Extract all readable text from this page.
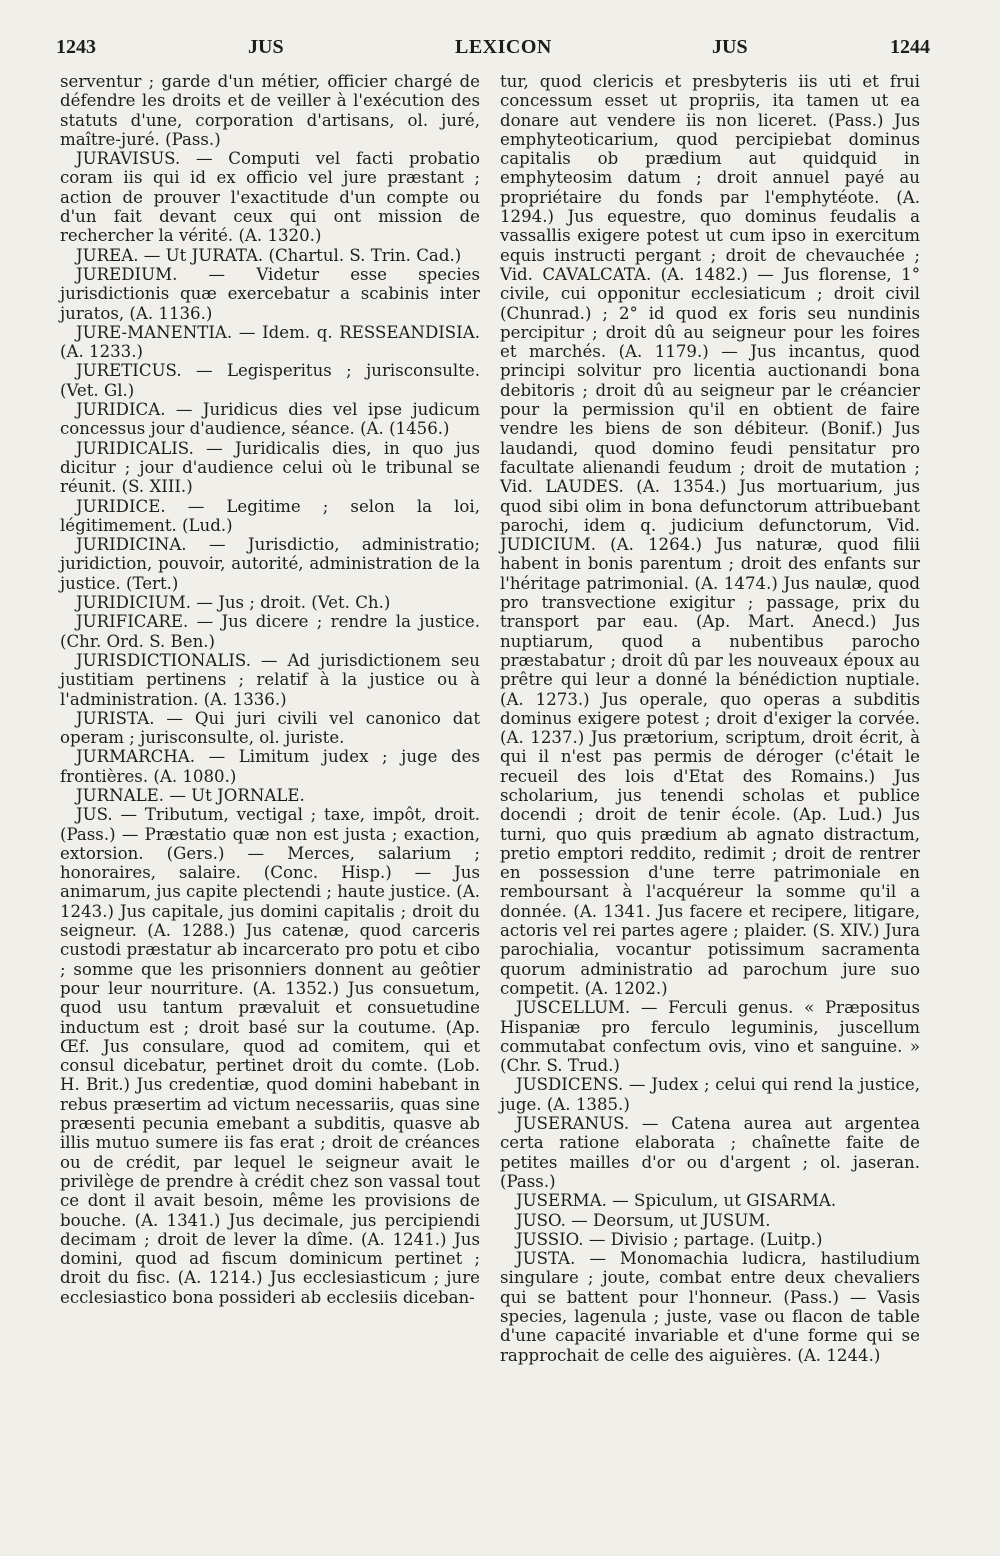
1243	JUS	LEXICON	JUS	1244

serventur ; garde d'un métier, officier chargé de défendre les droits et de veiller à l'exécution des statuts d'une, corporation d'artisans, ol. juré, maître-juré. (Pass.)

JURAVISUS. — Computi vel facti probatio coram iis qui id ex officio vel jure præstant ; action de prouver l'exactitude d'un compte ou d'un fait devant ceux qui ont mission de rechercher la vérité. (A. 1320.)

JUREA. — Ut JURATA. (Chartul. S. Trin. Cad.)

JUREDIUM. — Videtur esse species jurisdictionis quæ exercebatur a scabinis inter juratos, (A. 1136.)

JURE-MANENTIA. — Idem. q. RESSEANDISIA. (A. 1233.)

JURETICUS. — Legisperitus ; jurisconsulte. (Vet. Gl.)

JURIDICA. — Juridicus dies vel ipse judicum concessus jour d'audience, séance. (A. (1456.)

JURIDICALIS. — Juridicalis dies, in quo jus dicitur ; jour d'audience celui où le tribunal se réunit. (S. XIII.)

JURIDICE. — Legitime ; selon la loi, légitimement. (Lud.)

JURIDICINA. — Jurisdictio, administratio; juridiction, pouvoir, autorité, administration de la justice. (Tert.)

JURIDICIUM. — Jus ; droit. (Vet. Ch.)

JURIFICARE. — Jus dicere ; rendre la justice. (Chr. Ord. S. Ben.)

JURISDICTIONALIS. — Ad jurisdictionem seu justitiam pertinens ; relatif à la justice ou à l'administration. (A. 1336.)

JURISTA. — Qui juri civili vel canonico dat operam ; jurisconsulte, ol. juriste.

JURMARCHA. — Limitum judex ; juge des frontières. (A. 1080.)

JURNALE. — Ut JORNALE.

JUS. — Tributum, vectigal ; taxe, impôt, droit. (Pass.) — Præstatio quæ non est justa ; exaction, extorsion. (Gers.) — Merces, salarium ; honoraires, salaire. (Conc. Hisp.) — Jus animarum, jus capite plectendi ; haute justice. (A. 1243.) Jus capitale, jus domini capitalis ; droit du seigneur. (A. 1288.) Jus catenæ, quod carceris custodi præstatur ab incarcerato pro potu et cibo ; somme que les prisonniers donnent au geôtier pour leur nourriture. (A. 1352.) Jus consuetum, quod usu tantum prævaluit et consuetudine inductum est ; droit basé sur la coutume. (Ap. Œf. Jus consulare, quod ad comitem, qui et consul dicebatur, pertinet droit du comte. (Lob. H. Brit.) Jus credentiæ, quod domini habebant in rebus præsertim ad victum necessariis, quas sine præsenti pecunia emebant a subditis, quasve ab illis mutuo sumere iis fas erat ; droit de créances ou de crédit, par lequel le seigneur avait le privilège de prendre à crédit chez son vassal tout ce dont il avait besoin, même les provisions de bouche. (A. 1341.) Jus decimale, jus percipiendi decimam ; droit de lever la dîme. (A. 1241.) Jus domini, quod ad fiscum dominicum pertinet ; droit du fisc. (A. 1214.) Jus ecclesiasticum ; jure ecclesiastico bona possideri ab ecclesiis diceban-

tur, quod clericis et presbyteris iis uti et frui concessum esset ut propriis, ita tamen ut ea donare aut vendere iis non liceret. (Pass.) Jus emphyteoticarium, quod percipiebat dominus capitalis ob prædium aut quidquid in emphyteosim datum ; droit annuel payé au propriétaire du fonds par l'emphytéote. (A. 1294.) Jus equestre, quo dominus feudalis a vassallis exigere potest ut cum ipso in exercitum equis instructi pergant ; droit de chevauchée ; Vid. CAVALCATA. (A. 1482.) — Jus florense, 1° civile, cui opponitur ecclesiaticum ; droit civil (Chunrad.) ; 2° id quod ex foris seu nundinis percipitur ; droit dû au seigneur pour les foires et marchés. (A. 1179.) — Jus incantus, quod principi solvitur pro licentia auctionandi bona debitoris ; droit dû au seigneur par le créancier pour la permission qu'il en obtient de faire vendre les biens de son débiteur. (Bonif.) Jus laudandi, quod domino feudi pensitatur pro facultate alienandi feudum ; droit de mutation ; Vid. LAUDES. (A. 1354.) Jus mortuarium, jus quod sibi olim in bona defunctorum attribuebant parochi, idem q. judicium defunctorum, Vid. JUDICIUM. (A. 1264.) Jus naturæ, quod filii habent in bonis parentum ; droit des enfants sur l'héritage patrimonial. (A. 1474.) Jus naulæ, quod pro transvectione exigitur ; passage, prix du transport par eau. (Ap. Mart. Anecd.) Jus nuptiarum, quod a nubentibus parocho præstabatur ; droit dû par les nouveaux époux au prêtre qui leur a donné la bénédiction nuptiale. (A. 1273.) Jus operale, quo operas a subditis dominus exigere potest ; droit d'exiger la corvée. (A. 1237.) Jus prætorium, scriptum, droit écrit, à qui il n'est pas permis de déroger (c'était le recueil des lois d'Etat des Romains.) Jus scholarium, jus tenendi scholas et publice docendi ; droit de tenir école. (Ap. Lud.) Jus turni, quo quis prædium ab agnato distractum, pretio emptori reddito, redimit ; droit de rentrer en possession d'une terre patrimoniale en remboursant à l'acquéreur la somme qu'il a donnée. (A. 1341. Jus facere et recipere, litigare, actoris vel rei partes agere ; plaider. (S. XIV.) Jura parochialia, vocantur potissimum sacramenta quorum administratio ad parochum jure suo competit. (A. 1202.)

JUSCELLUM. — Ferculi genus. « Præpositus Hispaniæ pro ferculo leguminis, juscellum commutabat confectum ovis, vino et sanguine. » (Chr. S. Trud.)

JUSDICENS. — Judex ; celui qui rend la justice, juge. (A. 1385.)

JUSERANUS. — Catena aurea aut argentea certa ratione elaborata ; chaînette faite de petites mailles d'or ou d'argent ; ol. jaseran. (Pass.)

JUSERMA. — Spiculum, ut GISARMA.

JUSO. — Deorsum, ut JUSUM.

JUSSIO. — Divisio ; partage. (Luitp.)

JUSTA. — Monomachia ludicra, hastiludium singulare ; joute, combat entre deux chevaliers qui se battent pour l'honneur. (Pass.) — Vasis species, lagenula ; juste, vase ou flacon de table d'une capacité invariable et d'une forme qui se rapprochait de celle des aiguières. (A. 1244.)
